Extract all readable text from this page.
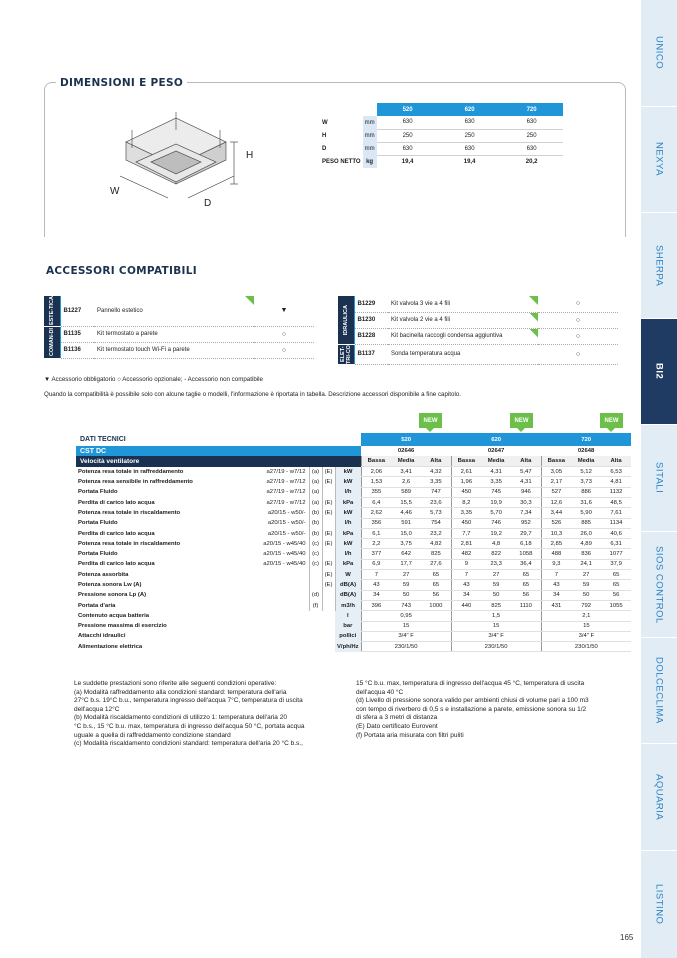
UNICO
NEXYA
SHERPA
BI2
SITALI
SIOS CONTROL
DOLCECLIMA
AQUARIA
LISTINO
DIMENSIONI E PESO
H
W
D
		520	620	720
W	mm	630	630	630
H	mm	250	250	250
D	mm	630	630	630
PESO NETTO	kg	19,4	19,4	20,2
ACCESSORI COMPATIBILI
ESTE-TICA	B1227	Pannello estetico	▼

COMAN-DI	B1135	Kit termostato a parete	○
	B1136	Kit termostato touch Wi-Fi a parete	○
IDRAULICA	B1229	Kit valvola 3 vie a 4 fili	○
	B1230	Kit valvola 2 vie a 4 fili	○
	B1228	Kit bacinella raccogli condensa aggiuntiva	○

ELET-TRI-CO	B1137	Sonda temperatura acqua	○
▼ Accessorio obbligatorio ○ Accessorio opzionale; - Accessorio non compatibile
Quando la compatibilità è possibile solo con alcune taglie o modelli, l'informazione è riportata in tabella. Descrizione accessori disponibile a fine capitolo.
NEW	NEW	NEW
DATI TECNICI					520			620			720		
CST DC					02646			02647			02648		
Velocità ventilatore					Bassa	Media	Alta	Bassa	Media	Alta	Bassa	Media	Alta
Potenza resa totale in raffreddamento	a27/19 - w7/12	(a)	(E)	kW	2,06	3,41	4,32	2,61	4,31	5,47	3,05	5,12	6,53
Potenza resa sensibile in raffreddamento	a27/19 - w7/12	(a)	(E)	kW	1,53	2,6	3,35	1,96	3,35	4,31	2,17	3,73	4,81
Portata Fluido	a27/19 - w7/12	(a)		l/h	355	589	747	450	745	946	527	886	1132
Perdita di carico lato acqua	a27/19 - w7/12	(a)	(E)	kPa	6,4	15,5	23,6	8,2	19,9	30,3	12,6	31,6	48,5
Potenza resa totale in riscaldamento	a20/15 - w50/-	(b)	(E)	kW	2,62	4,46	5,73	3,35	5,70	7,34	3,44	5,90	7,61
Portata Fluido	a20/15 - w50/-	(b)		l/h	356	591	754	450	746	952	526	885	1134
Perdita di carico lato acqua	a20/15 - w50/-	(b)	(E)	kPa	6,1	15,0	23,2	7,7	19,2	29,7	10,3	26,0	40,6
Potenza resa totale in riscaldamento	a20/15 - w45/40	(c)	(E)	kW	2,2	3,75	4,82	2,81	4,8	6,18	2,85	4,89	6,31
Portata Fluido	a20/15 - w45/40	(c)		l/h	377	642	825	482	822	1058	488	836	1077
Perdita di carico lato acqua	a20/15 - w45/40	(c)	(E)	kPa	6,9	17,7	27,6	9	23,3	36,4	9,3	24,1	37,9
Potenza assorbita			(E)	W	7	27	65	7	27	65	7	27	65
Potenza sonora Lw (A)			(E)	dB(A)	43	59	65	43	59	65	43	59	65
Pressione sonora Lp (A)		(d)		dB(A)	34	50	56	34	50	56	34	50	56
Portata d'aria		(f)		m3/h	396	743	1000	440	825	1110	431	792	1055
Contenuto acqua batteria				l	0,95			1,5			2,1		
Pressione massima di esercizio				bar	15			15			15		
Attacchi idraulici				pollici	3/4" F			3/4" F			3/4" F		
Alimentazione elettrica				V/ph/Hz	230/1/50			230/1/50			230/1/50		
Le suddette prestazioni sono riferite alle seguenti condizioni operative:
(a) Modalità raffreddamento alla condizioni standard: temperatura dell'aria
27°C b.s. 19°C b.u., temperatura ingresso dell'acqua 7°C, temperatura di uscita
dell'acqua 12°C
(b) Modalità riscaldamento condizioni di utilizzo 1: temperatura dell'aria 20
°C b.s., 15 °C b.u. max, temperatura di ingresso dell'acqua 50 °C, portata acqua
uguale a quella di raffreddamento condizione standard
(c) Modalità riscaldamento condizioni standard: temperatura dell'aria 20 °C b.s.,
15 °C b.u. max, temperatura di ingresso dell'acqua 45 °C, temperatura di uscita
dell'acqua 40 °C
(d) Livello di pressione sonora valido per ambienti chiusi di volume pari a 100 m3
con tempo di riverbero di 0,5 s e installazione a parete, emissione sonora su 1/2
di sfera a 3 metri di distanza
(E) Dato certificato Eurovent
(f) Portata aria misurata con filtri puliti
165
